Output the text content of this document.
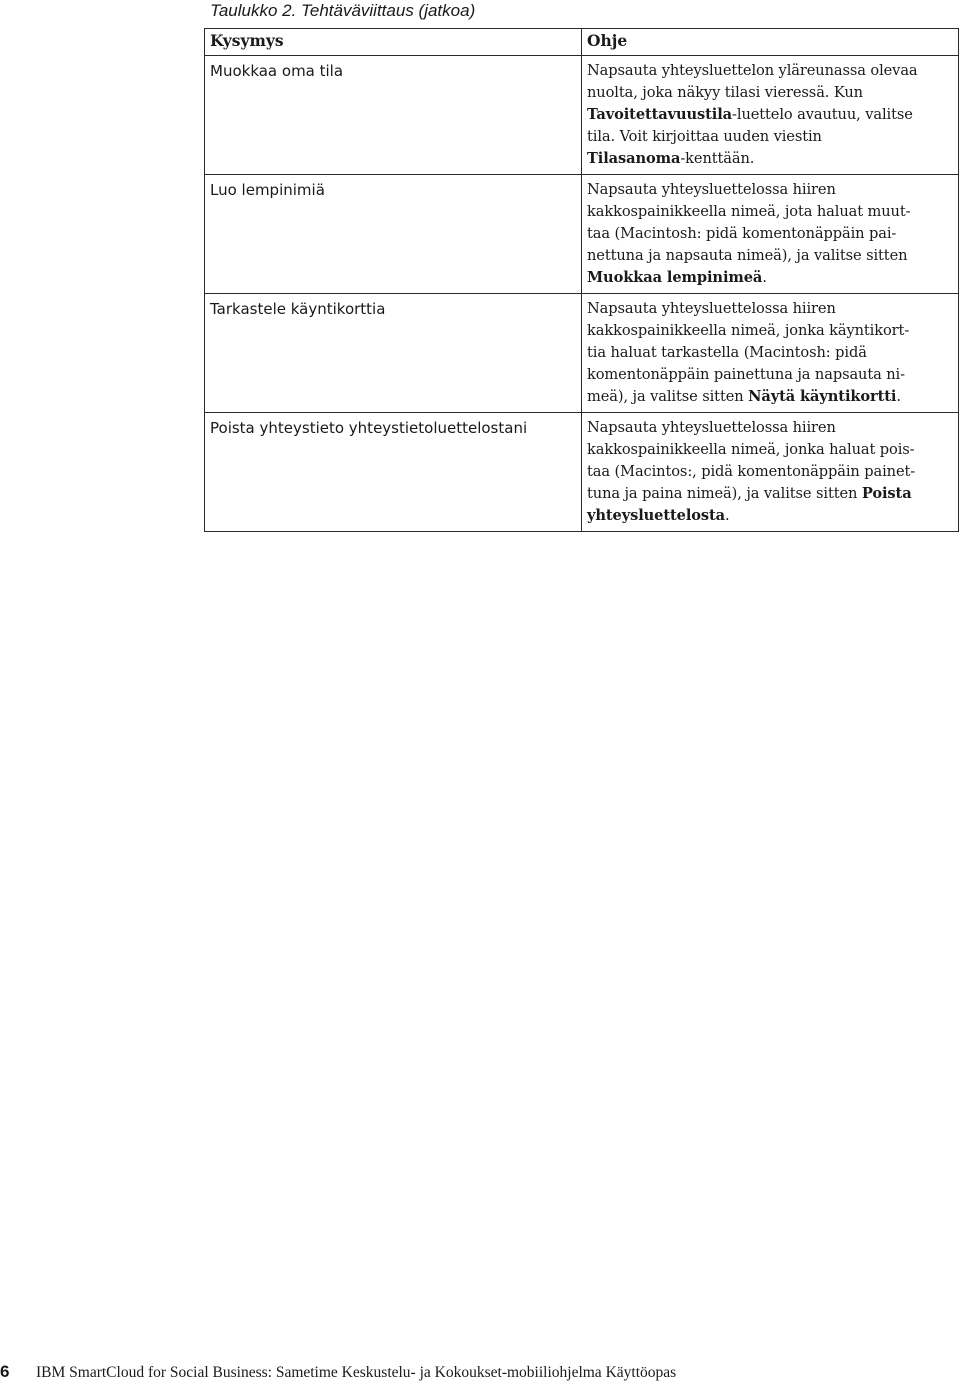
Taulukko 2. Tehtäväviittaus (jatkoa)
Kysymys	Ohje
Muokkaa oma tila	Napsauta yhteysluettelon yläreunassa olevaa
nuolta, joka näkyy tilasi vieressä. Kun
Tavoitettavuustila-luettelo avautuu, valitse
tila. Voit kirjoittaa uuden viestin
Tilasanoma-kenttään.

Luo lempinimiä	Napsauta yhteysluettelossa hiiren
kakkospainikkeella nimeä, jota haluat muut-
taa (Macintosh: pidä komentonäppäin pai-
nettuna ja napsauta nimeä), ja valitse sitten
Muokkaa lempinimeä.

Tarkastele käyntikorttia	Napsauta yhteysluettelossa hiiren
kakkospainikkeella nimeä, jonka käyntikort-
tia haluat tarkastella (Macintosh: pidä
komentonäppäin painettuna ja napsauta ni-
meä), ja valitse sitten Näytä käyntikortti.

Poista yhteystieto yhteystietoluettelostani	Napsauta yhteysluettelossa hiiren
kakkospainikkeella nimeä, jonka haluat pois-
taa (Macintos:, pidä komentonäppäin painet-
tuna ja paina nimeä), ja valitse sitten Poista
yhteysluettelosta.
6 IBM SmartCloud for Social Business: Sametime Keskustelu- ja Kokoukset-mobiiliohjelma Käyttöopas
